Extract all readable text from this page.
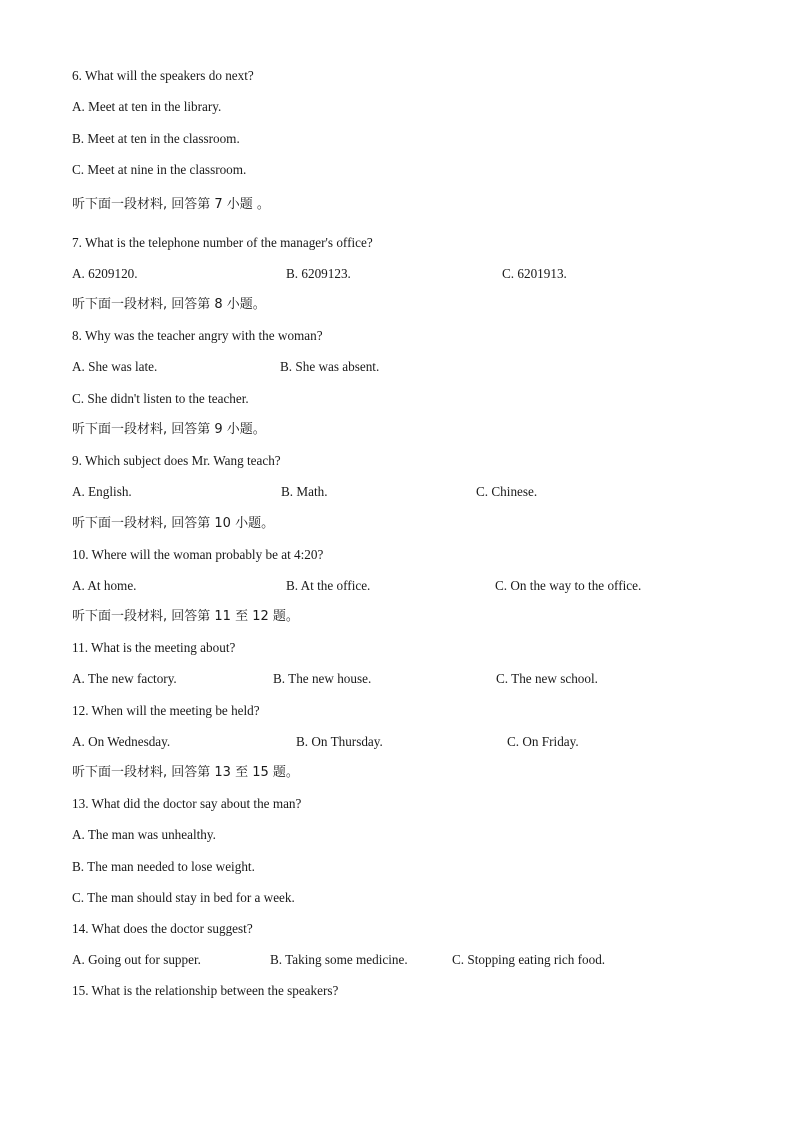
6. What will the speakers do next?
A. Meet at ten in the library.
B. Meet at ten in the classroom.
C. Meet at nine in the classroom.
听下面一段材料, 回答第 7 小题 。
7. What is the telephone number of the manager's office?
A. 6209120.	B. 6209123.	C. 6201913.
听下面一段材料, 回答第 8 小题。
8. Why was the teacher angry with the woman?
A. She was late.	B. She was absent.
C. She didn't listen to the teacher.
听下面一段材料, 回答第 9 小题。
9. Which subject does Mr. Wang teach?
A. English.	B. Math.	C. Chinese.
听下面一段材料, 回答第 10 小题。
10. Where will the woman probably be at 4:20?
A. At home.	B. At the office.	C. On the way to the office.
听下面一段材料, 回答第 11 至 12 题。
11. What is the meeting about?
A. The new factory.	B. The new house.	C. The new school.
12. When will the meeting be held?
A. On Wednesday.	B. On Thursday.	C. On Friday.
听下面一段材料, 回答第 13 至 15 题。
13. What did the doctor say about the man?
A. The man was unhealthy.
B. The man needed to lose weight.
C. The man should stay in bed for a week.
14. What does the doctor suggest?
A. Going out for supper.	B. Taking some medicine.	C. Stopping eating rich food.
15. What is the relationship between the speakers?
